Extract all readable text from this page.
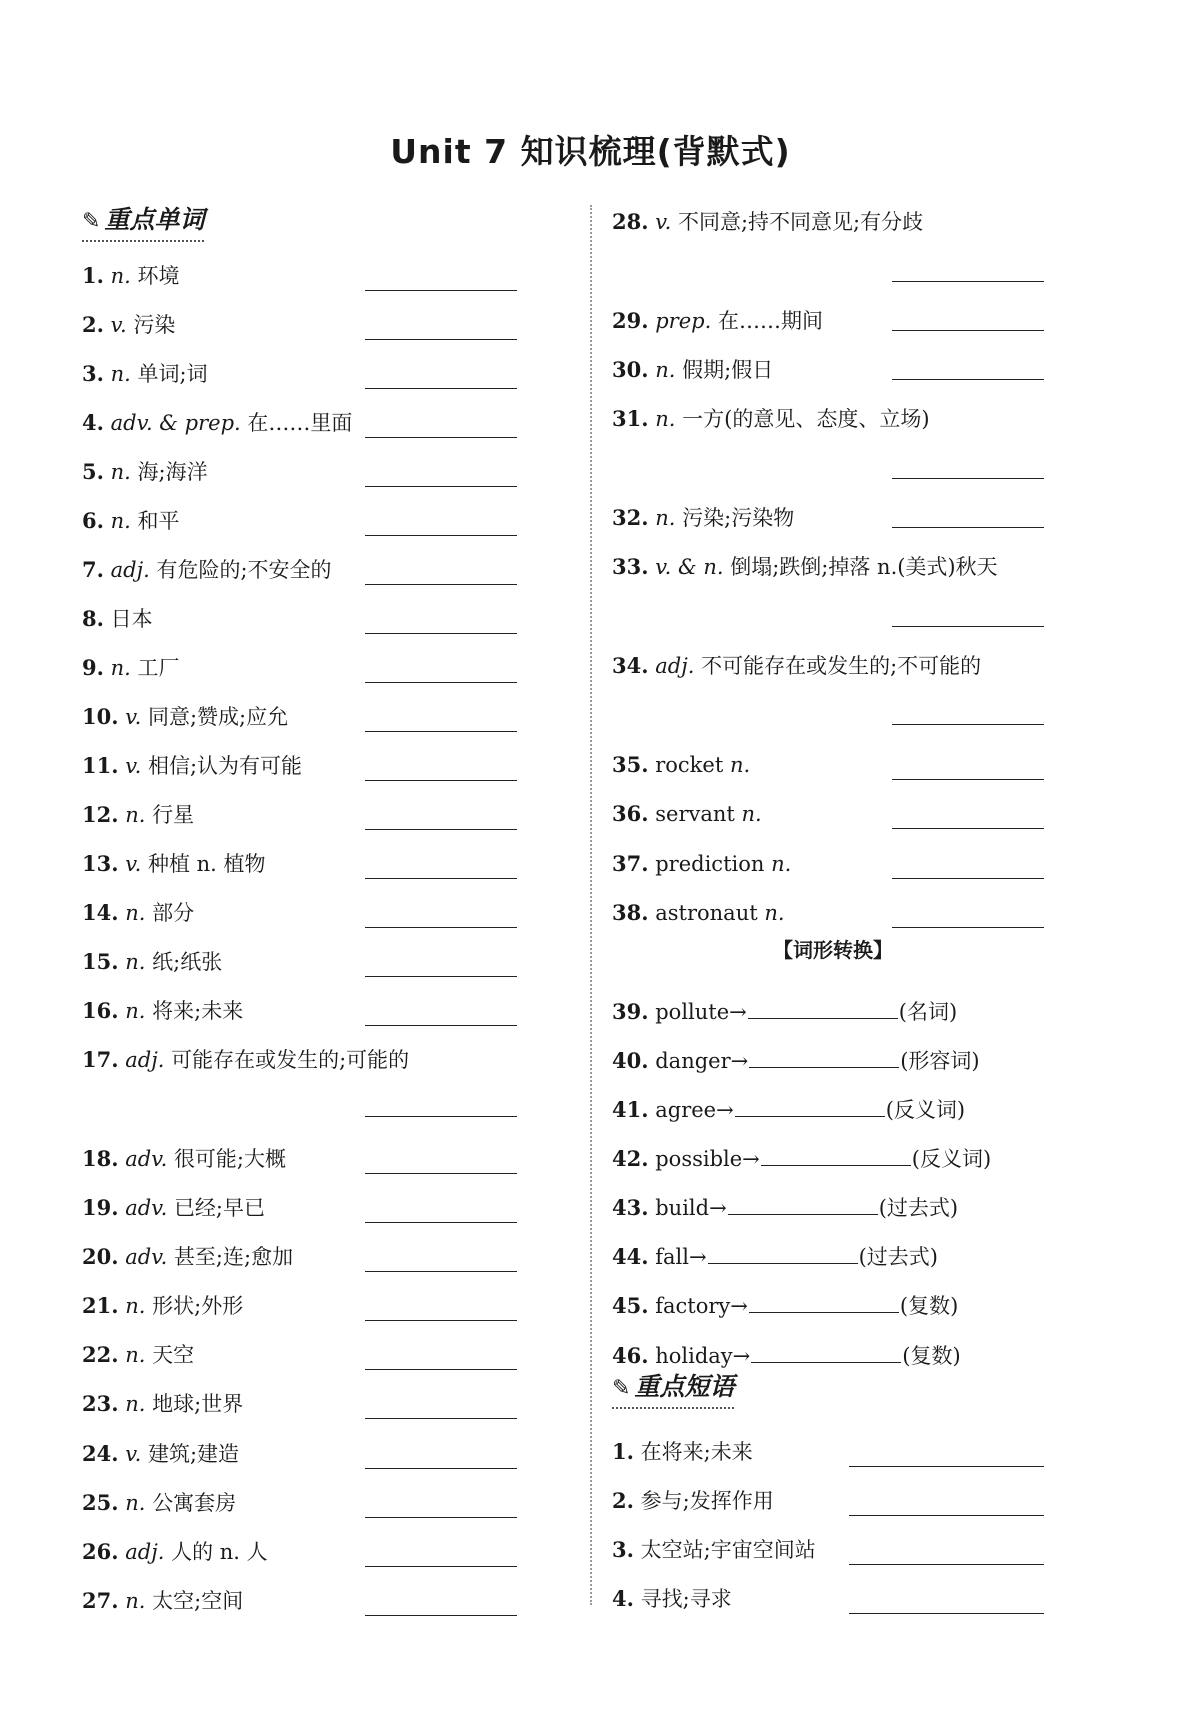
Unit 7 知识梳理(背默式)
✎ 重点单词
1. n. 环境
2. v. 污染
3. n. 单词;词
4. adv. & prep. 在……里面
5. n. 海;海洋
6. n. 和平
7. adj. 有危险的;不安全的
8. 日本
9. n. 工厂
10. v. 同意;赞成;应允
11. v. 相信;认为有可能
12. n. 行星
13. v. 种植 n. 植物
14. n. 部分
15. n. 纸;纸张
16. n. 将来;未来
17. adj. 可能存在或发生的;可能的
18. adv. 很可能;大概
19. adv. 已经;早已
20. adv. 甚至;连;愈加
21. n. 形状;外形
22. n. 天空
23. n. 地球;世界
24. v. 建筑;建造
25. n. 公寓套房
26. adj. 人的 n. 人
27. n. 太空;空间
28. v. 不同意;持不同意见;有分歧
29. prep. 在……期间
30. n. 假期;假日
31. n. 一方(的意见、态度、立场)
32. n. 污染;污染物
33. v. & n. 倒塌;跌倒;掉落 n.(美式)秋天
34. adj. 不可能存在或发生的;不可能的
35. rocket n.
36. servant n.
37. prediction n.
38. astronaut n.
【词形转换】
39. pollute→	(名词)
40. danger→	(形容词)
41. agree→	(反义词)
42. possible→	(反义词)
43. build→	(过去式)
44. fall→	(过去式)
45. factory→	(复数)
46. holiday→	(复数)
✎ 重点短语
1. 在将来;未来
2. 参与;发挥作用
3. 太空站;宇宙空间站
4. 寻找;寻求
